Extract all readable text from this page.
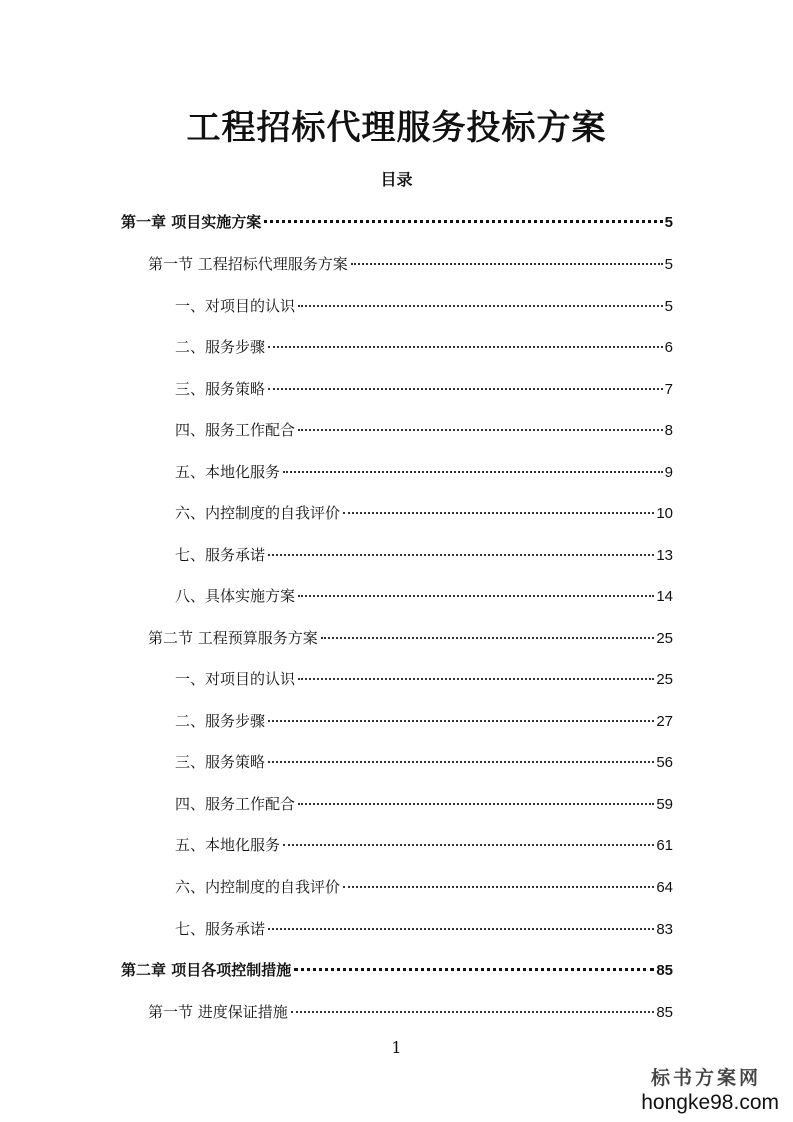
工程招标代理服务投标方案
目录
第一章 项目实施方案	5
第一节 工程招标代理服务方案	5
一、对项目的认识	5
二、服务步骤	6
三、服务策略	7
四、服务工作配合	8
五、本地化服务	9
六、内控制度的自我评价	10
七、服务承诺	13
八、具体实施方案	14
第二节 工程预算服务方案	25
一、对项目的认识	25
二、服务步骤	27
三、服务策略	56
四、服务工作配合	59
五、本地化服务	61
六、内控制度的自我评价	64
七、服务承诺	83
第二章 项目各项控制措施	85
第一节 进度保证措施	85

1

标书方案网
hongke98.com
